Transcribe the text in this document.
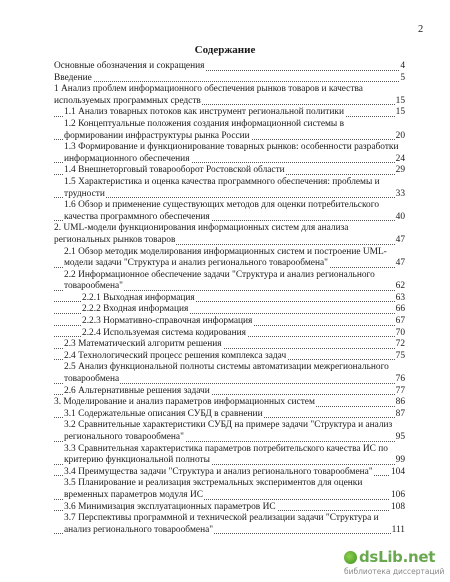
2
Содержание
Основные обозначения и сокращения	4
Введение	5
1 Анализ проблем информационного обеспечения рынков товаров и качества используемых программных средств	15
1.1 Анализ товарных потоков как инструмент региональной политики	15
1.2 Концептуальные положения создания информационной системы в формировании инфраструктуры рынка России	20
1.3 Формирование и функционирование товарных рынков: особенности разработки информационного обеспечения	24
1.4 Внешнеторговый товарооборот Ростовской области	29
1.5 Характеристика и оценка качества программного обеспечения: проблемы и трудности	33
1.6 Обзор и применение существующих методов для оценки потребительского качества программного обеспечения	40
2. UML-модели функционирования информационных систем для анализа региональных рынков товаров	47
2.1 Обзор методик моделирования информационных систем и построение UML-модели задачи "Структура и анализ регионального товарообмена"	47
2.2 Информационное обеспечение задачи "Структура и анализ регионального товарообмена"	62
2.2.1 Выходная информация	63
2.2.2 Входная информация	66
2.2.3 Нормативно-справочная информация	67
2.2.4 Используемая система кодирования	70
2.3 Математический алгоритм решения	72
2.4 Технологический процесс решения комплекса задач	75
2.5 Анализ функциональной полноты системы автоматизации межрегионального товарообмена	76
2.6 Альтернативные решения задачи	77
3. Моделирование и анализ параметров информационных систем	86
3.1 Содержательные описания СУБД в сравнении	87
3.2 Сравнительные характеристики СУБД на примере задачи "Структура и анализ регионального товарообмена"	95
3.3 Сравнительная характеристика параметров потребительского качества ИС по критерию функциональной полноты	99
3.4 Преимущества задачи "Структура и анализ регионального товарообмена" 104
3.5 Планирование и реализация экстремальных экспериментов для оценки временных параметров модуля ИС	106
3.6 Минимизация эксплуатационных параметров ИС	108
3.7 Перспективы программной и технической реализации задачи "Структура и анализ регионального товарообмена"	111
dsLib.net
библиотека диссертаций
